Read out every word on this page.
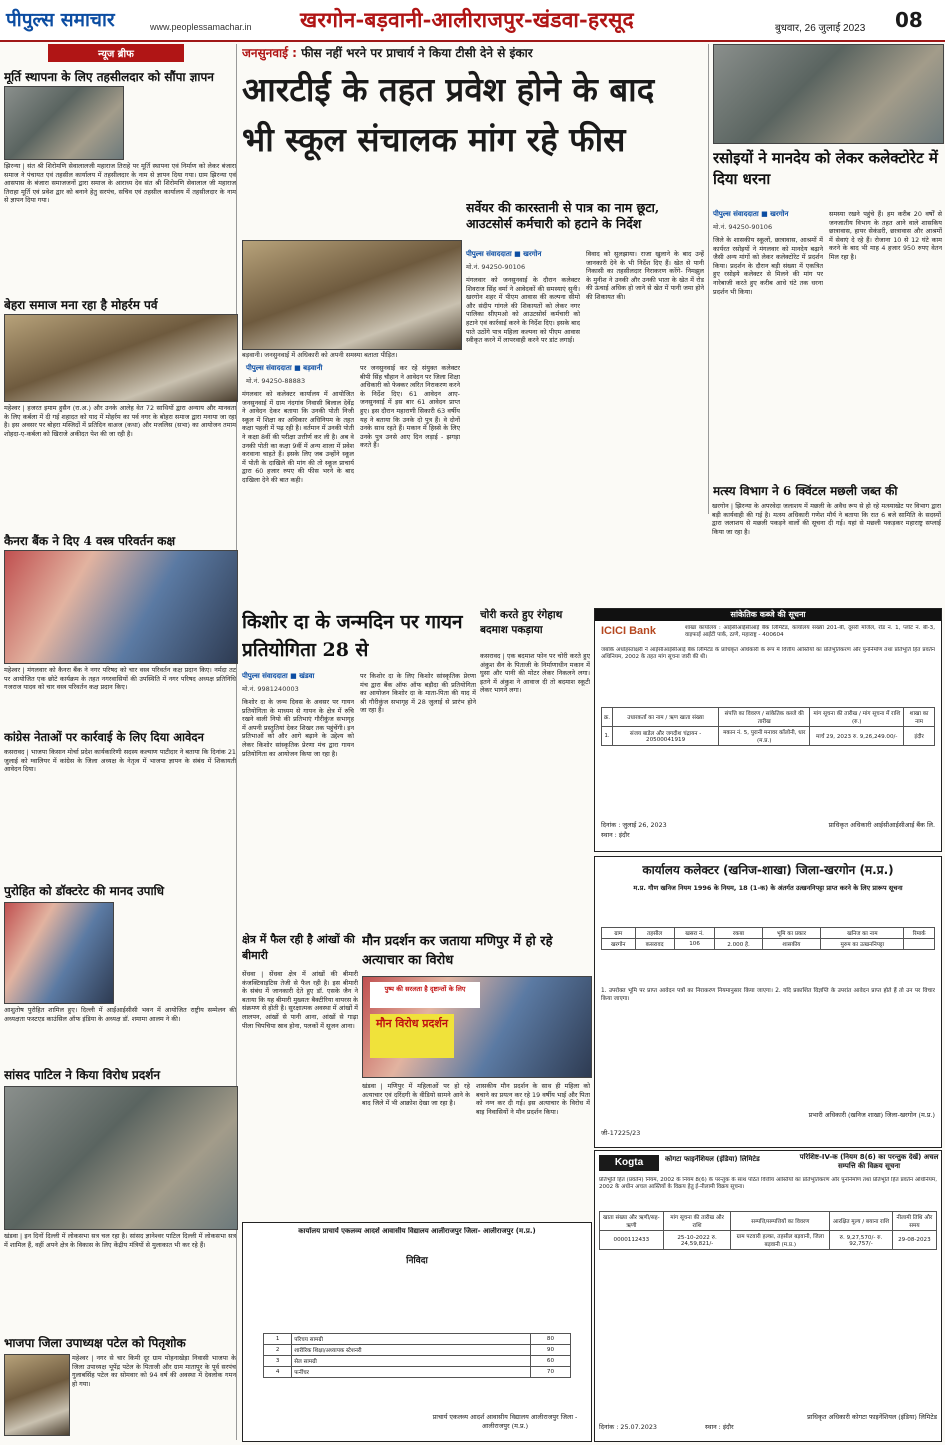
पीपुल्स समाचार	www.peoplessamachar.in खरगोन-बड़वानी-आलीराजपुर-खंडवा-हरसूद	बुधवार, 26 जुलाई 2023 08
न्यूज ब्रीफ
मूर्ति स्थापना के लिए तहसीलदार को सौंपा ज्ञापन
झिरन्या | संत श्री शिरोमणि सेवालालजी महाराज तिराहे पर मूर्ति स्थापना एवं निर्माण को लेकर बंजारा समाज ने पंचायत एवं तहसील कार्यालय में तहसीलदार के नाम से ज्ञापन दिया गया। ग्राम झिरन्या एवं आसपास के बंजारा समाजजनों द्वारा समाज के आराध्य देव संत श्री शिरोमणि सेवालाल जी महाराज तिराहा मूर्ति एवं प्रवेश द्वार को बनाने हेतु सरपंच, सचिव एवं तहसील कार्यालय में तहसीलदार के नाम से ज्ञापन दिया गया।
बेहरा समाज मना रहा है मोहर्रम पर्व
महेश्वर | हजरत इमाम हुसैन (रा.अ.) और उनके आलेह वेत 72 साथियों द्वारा अन्याय और मानवता के लिए कर्बला में दी गई शहादत को याद में मोहर्रम का पर्व नगर के बोहरा समाज द्वारा मनाया जा रहा है। इस अवसर पर बोहरा मस्जिदों में प्रतिदिन वाअज (कथा) और मजलिस (सभा) का आयोजन तमाम शोहदा-ए-कर्बला को खिराजे अकीदत पेश की जा रही है।
कैनरा बैंक ने दिए 4 वस्त्र परिवर्तन कक्ष
महेश्वर | मंगलवार को कैनरा बैंक ने नगर परिषद को चार वस्त्र परिवर्तन कक्ष प्रदान किए। नर्मदा तट पर आयोजित एक छोटे कार्यक्रम के तहत नगरवासियों की उपस्थिति में नगर परिषद अध्यक्ष प्रतिनिधि गजराज यादव को चार वस्त्र परिवर्तन कक्ष प्रदान किए।
कांग्रेस नेताओं पर कार्रवाई के लिए दिया आवेदन
कसरावद | भाजपा किसान मोर्चा प्रदेश कार्यकारिणी सदस्य कल्याण पाटीदार ने बताया कि दिनांक 21 जुलाई को ग्वालियर में कांग्रेस के जिला अध्यक्ष के नेतृत्व में भाजपा ज्ञापन के संबंध में शिकायती आवेदन दिया।
पुरोहित को डॉक्टरेट की मानद उपाधि
आशुतोष पुरोहित शामिल हुए। दिल्ली में आईआईसीसी भवन में आयोजित राष्ट्रीय सम्मेलन की अध्यक्षता फस्टएड काउंसिल ऑफ इंडिया के अध्यक्ष डॉ. शमामा आलम ने की।
सांसद पाटिल ने किया विरोध प्रदर्शन
खंडवा | इन दिनों दिल्ली में लोकसभा सत्र चल रहा है। सांसद ज्ञानेश्वर पाटिल दिल्ली में लोकसभा सत्र में शामिल हैं, वहीं अपने क्षेत्र के विकास के लिए केंद्रीय मंत्रियों से मुलाकात भी कर रहे हैं।
भाजपा जिला उपाध्यक्ष पटेल को पितृशोक
महेश्वर | नगर से चार किमी दूर ग्राम मोहनाखेड़ा निवासी भाजपा के जिला उपाध्यक्ष भूपेंद्र पटेल के पिताजी और ग्राम मातापुर के पूर्व सरपंच गुलाबसिंह पटेल का सोमवार को 94 वर्ष की अवस्था में देवलोक गमन हो गया।
जनसुनवाई : फीस नहीं भरने पर प्राचार्य ने किया टीसी देने से इंकार
आरटीई के तहत प्रवेश होने के बाद
भी स्कूल संचालक मांग रहे फीस
बड़वानी। जनसुनवाई में अधिकारी को अपनी समस्या बताता पीड़ित।
पीपुल्स संवाददाता ■ बड़वानी
मो.नं. 94250-88883
मंगलवार को कलेक्टर कार्यालय में आयोजित जनसुनवाई में ग्राम नंदगांव निवासी बिलाल देवेंद्र ने आवेदन देकर बताया कि उनकी पोती निजी स्कूल में शिक्षा का अधिकार अधिनियम के तहत कक्षा पहली में पढ़ रही है। वर्तमान में उनकी पोती ने कक्षा 8वीं की परीक्षा उत्तीर्ण कर ली है। अब वे उनकी पोती का कक्षा 9वीं में अन्य शाला में प्रवेश करवाना चाहते हैं। इसके लिए जब उन्होंने स्कूल में पोती के दाखिले की मांग की तो स्कूल प्राचार्य द्वारा 60 हजार रुपए की फीस भरने के बाद दाखिला देने की बात कही।
पर जनसुनवाई कर रहे संयुक्त कलेक्टर बीपी सिंह चौहान ने आवेदन पर जिला शिक्षा अधिकारी को फेक्कर त्वरित निराकरण करने के निर्देश दिए। 61 आवेदन आए- जनसुनवाई में इस बार 61 आवेदन प्राप्त हुए। इस दौरान महाराणी सिकारी 63 वर्षीय यह ने बताया कि उनके दो पुत्र हैं। वे दोनों उनके साथ रहते हैं। मकान में हिस्से के लिए उनके पुत्र उनसे आए दिन लड़ाई - झगड़ा करते हैं।
सर्वेयर की कारस्तानी से पात्र का नाम छूटा, आउटसोर्स कर्मचारी को हटाने के निर्देश
पीपुल्स संवाददाता ■ खरगोन
मो.नं. 94250-90106
मंगलवार को जनसुनवाई के दौरान कलेक्टर शिवराज सिंह वर्मा ने आवेदकों की समस्याएं सुनी। खरगोन शहर में पीएम आवास की कल्पना सीमो और संदीप गांगले की शिकायतों को लेकर नगर पालिका सीएमओ को आउटसोर्स कर्मचारी को हटाने एवं कार्रवाई करने के निर्देश दिए। इसके बाद पाते उठोंगे पात्र महिला कल्पना को पीएम आवास स्वीकृत करने में लापरवाही करने पर डांट लगाई।
विवाद को सुलझाया। राजा खुलाने के बाद उन्हें जानकारी देने के भी निर्देश दिए हैं। खेत से पानी निकासी का तहसीलदार निराकरण करेंगे- निमझुल के मुनीश ने उनकी और उनकी भाता के खेत में रोड की ऊंचाई अधिक हो जाने से खेत में पानी जमा होने की शिकायत की।
रसोइयों ने मानदेय को लेकर कलेक्टोरेट में दिया धरना
पीपुल्स संवाददाता ■ खरगोन
मो.नं. 94250-90106
जिले के शासकीय स्कूलों, छात्रावास, आश्रमों में कार्यरत रसोइयों ने मंगलवार को मानदेय बढ़ाने जैसी अन्य मांगों को लेकर कलेक्टोरेट में प्रदर्शन किया। प्रदर्शन के दौरान बड़ी संख्या में एकत्रित हुए रसोइये कलेक्टर से मिलने की मांग पर नारेबाजी करते हुए करीब आधे घंटे तक धरना प्रदर्शन भी किया।
समस्या रखने पहुंचे हैं। हम करीब 20 वर्षों से जनजातीय विभाग के तहत आने वाले शासकिय छात्रावास, हायर सेकंडरी, छात्रावास और आश्रमों में सेवाएं दे रहे हैं। रोजाना 10 से 12 घंटे काम करने के बाद भी माह 4 हजार 950 रुपए वेतन मिल रहा है।
मत्स्य विभाग ने 6 क्विंटल मछली जब्त की
खरगोन | झिरन्या के अपरवेदा जलाशय में मछली के अवैध रूप से हो रहे मत्स्याखेट पर विभाग द्वारा बड़ी कार्यवाही की गई है। मत्स्य अधिकारी गणेश मौर्य ने बताया कि रात 6 बजे सामिति के सदस्यों द्वारा जलाशय से मछली पकड़ने वालों की सूचना दी गई। यहां से मछली पकड़कर महाराष्ट्र सप्लाई किया जा रहा है।
किशोर दा के जन्मदिन पर गायन प्रतियोगिता 28 से
पीपुल्स संवाददाता ■ खंडवा
मो.नं. 9981240003
किशोर दा के जन्म दिवस के अवसर पर गायन प्रतियोगिता के माध्यम से गायन के क्षेत्र में रुचि रखने वाली नियो की प्रतिभाएं गौरीकुंज सभागृह में अपनी प्रस्तुतियां देकर शिखर तक पहुंचेंगी। इन प्रतिभाओं को और आगे बढ़ाने के उद्देश्य को लेकर किशोर सांस्कृतिक प्रेरणा मंच द्वारा गायन प्रतियोगिता का आयोजन किया जा रहा है।
पर किशोर दा के लिए किशोर सांस्कृतिक प्रेरणा मंच द्वारा बैंक ऑफ ऑफ बड़ौदा की प्रतियोगिता का आयोजन किशोर दा के माता-पिता की याद में श्री गौरीकुंज सभागृह में 28 जुलाई से प्रारंभ होने जा रहा है।
चोरी करते हुए रंगेहाथ बदमाश पकड़ाया
कसरावद | एक बदमाश फोन पर चोरी करते हुए अंकुश सैन के पिताजी के निर्माणाधीन मकान में घुसा और पानी की मोटर लेकर निकलने लगा। इतने में अंकुश ने आवाज दी तो बदमाश स्कूटी लेकर भागने लगा।
सांकेतिक कब्जे की सूचना
ICICI Bank	शाखा कार्यालय : आईसीआईसीआई बैंक लिमिटेड, कार्यालय संख्या 201-बी, दूसरी मंजिल, रोड नं. 1, प्लॉट नं. बी-3, वाइफाई आईटी पार्क, ठाणे, महाराष्ट्र - 400604
जबकि अधोहस्ताक्षरी ने आईसीआईसीआई बैंक लिमिटेड के प्राधिकृत अधिकारी के रूप में वित्तीय आस्तियों का प्रतिभूतिकरण और पुनर्निर्माण तथा प्रतिभूति हित प्रवर्तन अधिनियम, 2002 के तहत मांग सूचना जारी की थी।
क्र.	उधारकर्ता का नाम / ऋण खाता संख्या	संपत्ति का विवरण / सांकेतिक कब्जे की तारीख	मांग सूचना की तारीख / मांग सूचना में राशि (रु.)	शाखा का नाम
1.	संजय बाडेल और जगदीश चंद्रायन - 20500041919	मकान नं. 5, पुरानी मनावर कॉलोनी, धार (म.प्र.)	मार्च 29, 2023 रु. 9,26,249.00/-	इंदौर
दिनांक : जुलाई 26, 2023
स्थान : इंदौर
प्राधिकृत अधिकारी आईसीआईसीआई बैंक लि.
कार्यालय कलेक्टर (खनिज-शाखा) जिला-खरगोन (म.प्र.)
म.प्र. गौण खनिज नियम 1996 के नियम, 18 (1-क) के अंतर्गत उत्खननिपट्टा प्राप्त करने के लिए प्रारूप सूचना
ग्राम	तहसील	खसरा नं.	रकबा	भूमि का प्रकार	खनिज का नाम	रिमार्क
खरगोन	कसरावद	106	2.000 हे.	शासकीय	मुरुम का उत्खननिपट्टा	
1. उपरोक्त भूमि पर प्राप्त आवेदन पत्रों का निराकरण नियमानुसार किया जाएगा। 2. यदि प्रकाशित विज्ञप्ति के उपरांत आवेदन प्राप्त होते हैं तो उन पर विचार किया जाएगा।
जी-17225/23
प्रभारी अधिकारी (खनिज शाखा) जिला-खरगोन (म.प्र.)
क्षेत्र में फैल रही है आंखों की बीमारी
सेंधवा | सेंधवा क्षेत्र में आंखों की बीमारी कंजक्टिवाइटिस तेजी से फैल रही है। इस बीमारी के संबंध में जानकारी देते हुए डॉ. एसके जैन ने बताया कि यह बीमारी मुख्यतः बैक्टीरिया वायरस के संक्रमण से होती है। सुरक्षात्मक अवस्था में आंखों में लालपन, आंखों से पानी आना, आंखों से गाढ़ा पीला चिपचिपा स्राव होना, पलकों में सूजन आना।
मौन प्रदर्शन कर जताया मणिपुर में हो रहे अत्याचार का विरोध
पुष्प की सरलता है दृष्टान्तों के लिए
मौन विरोध प्रदर्शन
शासकीय मौन प्रदर्शन के साथ ही महिला को बचाने का प्रयत्न कर रहे 19 वर्षीय भाई और पिता को नग्न कर दी गई। इस अत्याचार के विरोध में बाइ निवासियों ने मौन प्रदर्शन किया।
खंडवा | मणिपुर में महिलाओं पर हो रहे अत्याचार एवं दरिंदगी के वीडियो सामने आने के बाद जिले में भी आक्रोश देखा जा रहा है।
कार्यालय प्राचार्य एकलव्य आदर्श आवासीय विद्यालय आलीराजपुर जिला- आलीराजपुर (म.प्र.)
निविदा
1	परिचय सामग्री	80
2	शारीरिक शिक्षा/अध्यापक स्टेशनरी	90
3	सेल सामग्री	60
4	फर्नीचर	70
प्राचार्य एकलव्य आदर्श आवासीय विद्यालय आलीराजपुर जिला - आलीराजपुर (म.प्र.)
Kogta	कोगटा फाइनेंशियल (इंडिया) लिमिटेड	परिशिष्ट-IV-क (नियम 8(6) का परन्तुक देखें) अचल सम्पत्ति की विक्रय सूचना
प्रतिभूति हित (प्रवर्तन) नियम, 2002 के नियम 8(6) के परन्तुक के साथ पठित वित्तीय आस्तियों का प्रतिभूतिकरण और पुनर्निर्माण तथा प्रतिभूति हित प्रवर्तन अधिनियम, 2002 के अधीन अचल आस्तियों के विक्रय हेतु ई-नीलामी विक्रय सूचना।
खाता संख्या और ऋणी/सह-ऋणी	मांग सूचना की तारीख और राशि	सम्पत्ति/सम्पत्तियों का विवरण	आरक्षित मूल्य / बयाना राशि	नीलामी तिथि और समय
0000112433	25-10-2022 रु. 24,59,821/-	ग्राम पटवारी हल्का, तहसील बड़वानी, जिला बड़वानी (म.प्र.)	रु. 9,27,570/- रु. 92,757/-	29-08-2023
दिनांक : 25.07.2023	स्थान : इंदौर
प्राधिकृत अधिकारी कोगटा फाइनेंशियल (इंडिया) लिमिटेड
